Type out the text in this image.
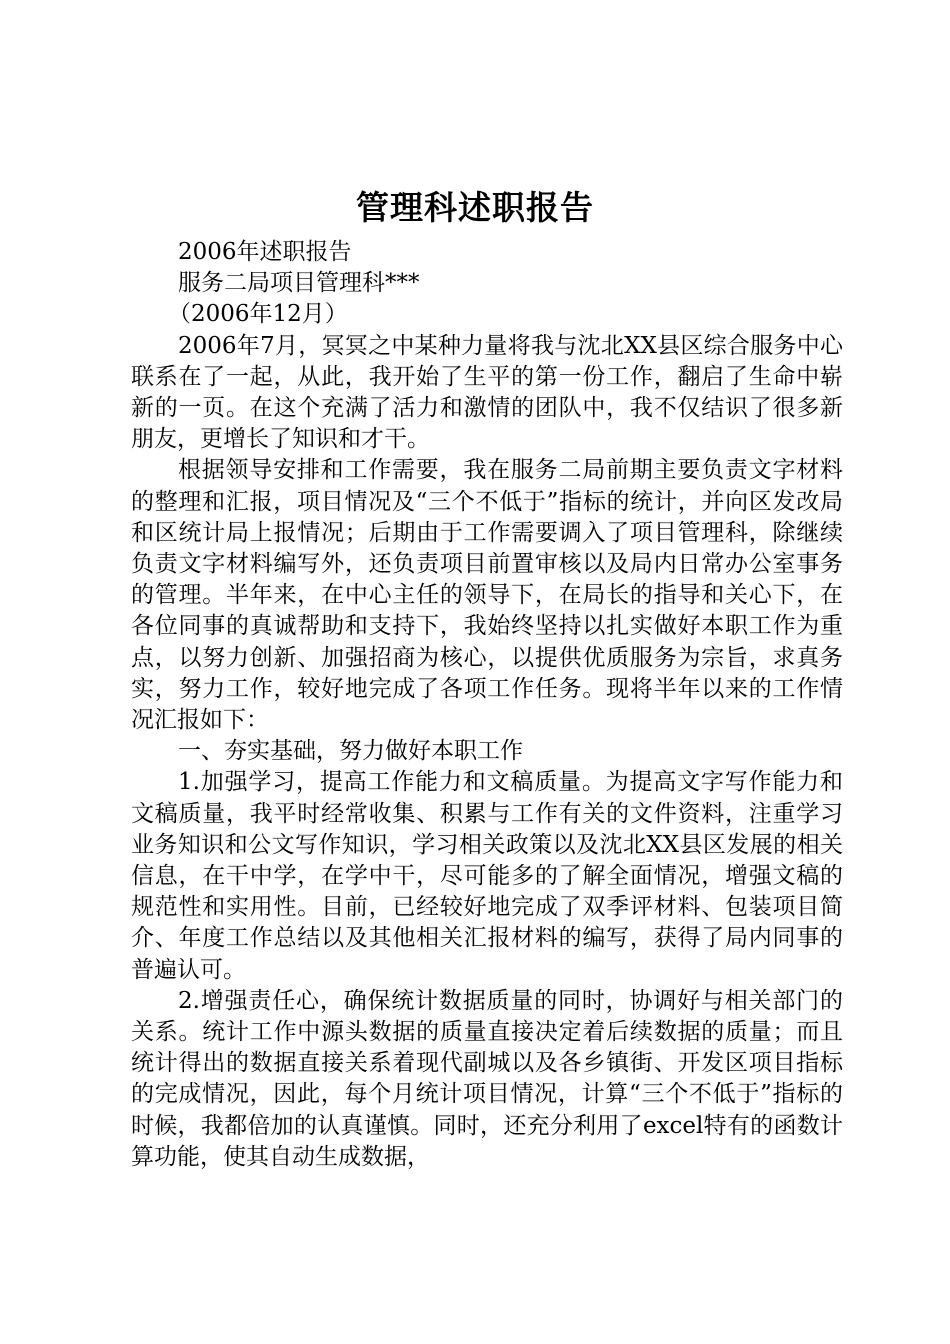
管理科述职报告

2006年述职报告

服务二局项目管理科***

（2006年12月）

2006年7月，冥冥之中某种力量将我与沈北XX县区综合服务中心联系在了一起，从此，我开始了生平的第一份工作，翻启了生命中崭新的一页。在这个充满了活力和激情的团队中，我不仅结识了很多新朋友，更增长了知识和才干。

根据领导安排和工作需要，我在服务二局前期主要负责文字材料的整理和汇报，项目情况及“三个不低于”指标的统计，并向区发改局和区统计局上报情况；后期由于工作需要调入了项目管理科，除继续负责文字材料编写外，还负责项目前置审核以及局内日常办公室事务的管理。半年来，在中心主任的领导下，在局长的指导和关心下，在各位同事的真诚帮助和支持下，我始终坚持以扎实做好本职工作为重点，以努力创新、加强招商为核心，以提供优质服务为宗旨，求真务实，努力工作，较好地完成了各项工作任务。现将半年以来的工作情况汇报如下：

一、夯实基础，努力做好本职工作

1.加强学习，提高工作能力和文稿质量。为提高文字写作能力和文稿质量，我平时经常收集、积累与工作有关的文件资料，注重学习业务知识和公文写作知识，学习相关政策以及沈北XX县区发展的相关信息，在干中学，在学中干，尽可能多的了解全面情况，增强文稿的规范性和实用性。目前，已经较好地完成了双季评材料、包装项目简介、年度工作总结以及其他相关汇报材料的编写，获得了局内同事的普遍认可。

2.增强责任心，确保统计数据质量的同时，协调好与相关部门的关系。统计工作中源头数据的质量直接决定着后续数据的质量；而且统计得出的数据直接关系着现代副城以及各乡镇街、开发区项目指标的完成情况，因此，每个月统计项目情况，计算“三个不低于”指标的时候，我都倍加的认真谨慎。同时，还充分利用了excel特有的函数计算功能，使其自动生成数据，
